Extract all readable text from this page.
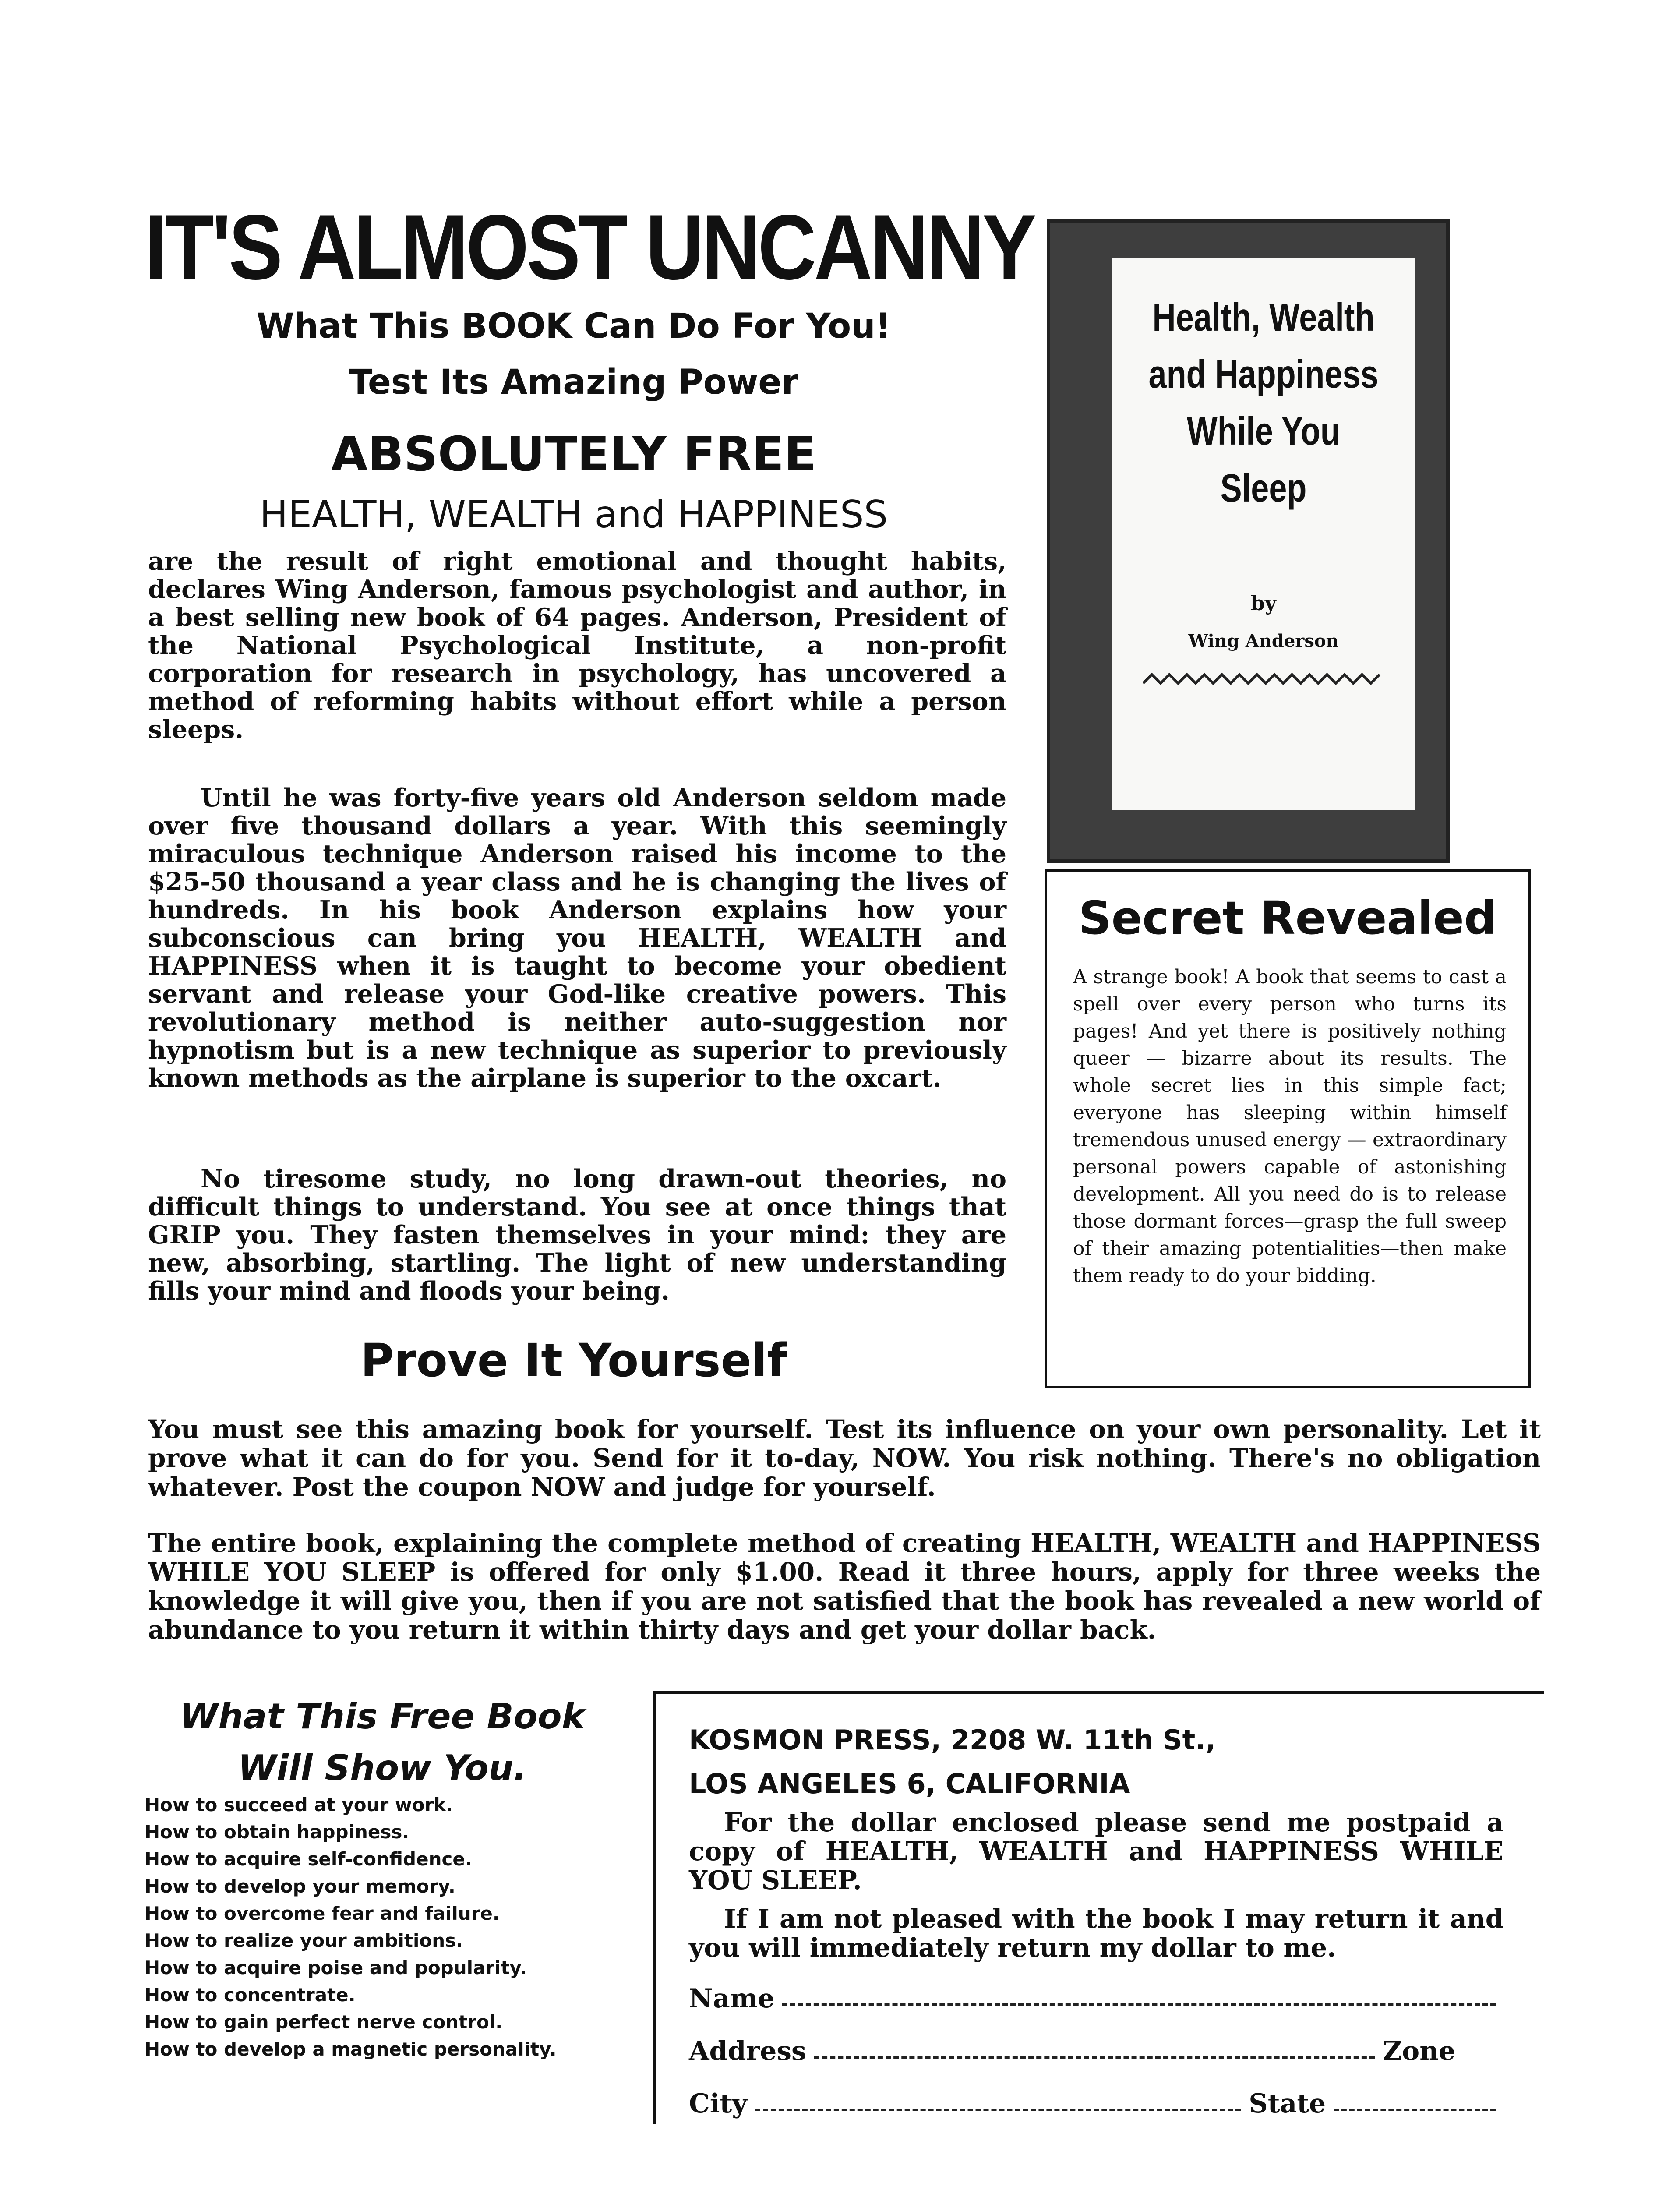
IT'S ALMOST UNCANNY
What This BOOK Can Do For You!
Test Its Amazing Power
ABSOLUTELY FREE
HEALTH, WEALTH and HAPPINESS

are the result of right emotional and thought habits, declares Wing Anderson, famous psychologist and author, in a best selling new book of 64 pages. Anderson, President of the National Psychological Institute, a non-profit corporation for research in psychology, has uncovered a method of reforming habits without effort while a person sleeps.

Until he was forty-five years old Anderson seldom made over five thousand dollars a year. With this seemingly miraculous technique Anderson raised his income to the $25-50 thousand a year class and he is changing the lives of hundreds. In his book Anderson explains how your subconscious can bring you HEALTH, WEALTH and HAPPINESS when it is taught to become your obedient servant and release your God-like creative powers. This revolutionary method is neither auto-suggestion nor hypnotism but is a new technique as superior to previously known methods as the airplane is superior to the oxcart.

No tiresome study, no long drawn-out theories, no difficult things to understand. You see at once things that GRIP you. They fasten themselves in your mind: they are new, absorbing, startling. The light of new understanding fills your mind and floods your being.

Prove It Yourself
Health, Wealth
and Happiness
While You
Sleep
by
Wing Anderson
Secret Revealed
A strange book! A book that seems to cast a spell over every person who turns its pages! And yet there is positively nothing queer — bizarre about its results. The whole secret lies in this simple fact; everyone has sleeping within himself tremendous unused energy — extraordinary personal powers capable of astonishing development. All you need do is to release those dormant forces—grasp the full sweep of their amazing potentialities—then make them ready to do your bidding.
You must see this amazing book for yourself. Test its influence on your own personality. Let it prove what it can do for you. Send for it to-day, NOW. You risk nothing. There's no obligation whatever. Post the coupon NOW and judge for yourself.
The entire book, explaining the complete method of creating HEALTH, WEALTH and HAPPINESS WHILE YOU SLEEP is offered for only $1.00. Read it three hours, apply for three weeks the knowledge it will give you, then if you are not satisfied that the book has revealed a new world of abundance to you return it within thirty days and get your dollar back.
What This Free Book
Will Show You.
How to succeed at your work.
How to obtain happiness.
How to acquire self-confidence.
How to develop your memory.
How to overcome fear and failure.
How to realize your ambitions.
How to acquire poise and popularity.
How to concentrate.
How to gain perfect nerve control.
How to develop a magnetic personality.
KOSMON PRESS, 2208 W. 11th St.,
LOS ANGELES 6, CALIFORNIA
For the dollar enclosed please send me postpaid a copy of HEALTH, WEALTH and HAPPINESS WHILE YOU SLEEP.
If I am not pleased with the book I may return it and you will immediately return my dollar to me.
Name
Address	Zone
City	State
